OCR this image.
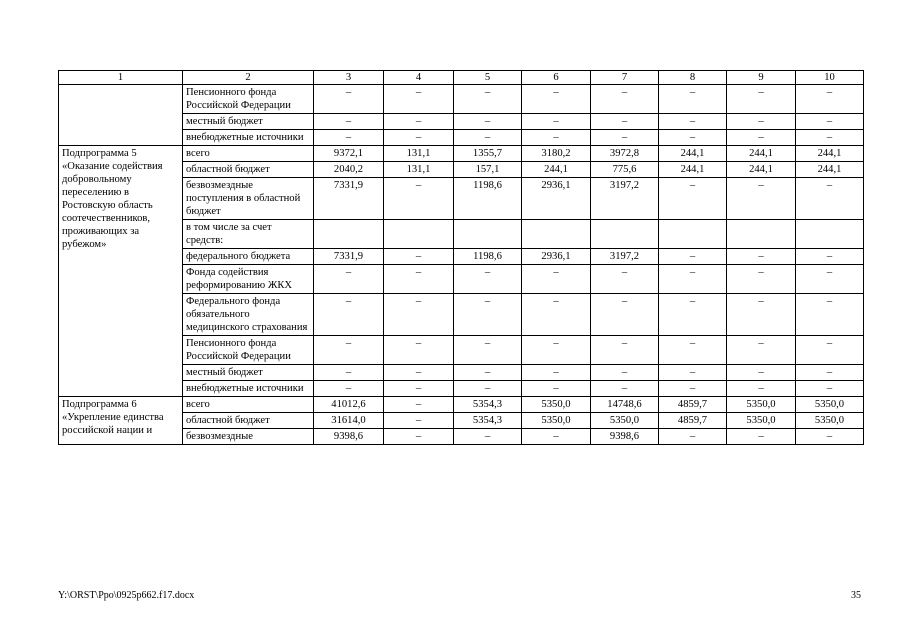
1	2	3	4	5	6	7	8	9	10
	Пенсионного фонда Российской Федерации	–	–	–	–	–	–	–	–
	местный бюджет	–	–	–	–	–	–	–	–
	внебюджетные источники	–	–	–	–	–	–	–	–
Подпрограмма 5 «Оказание содействия добровольному переселению в Ростовскую область соотечественников, проживающих за рубежом»	всего	9372,1	131,1	1355,7	3180,2	3972,8	244,1	244,1	244,1
	областной бюджет	2040,2	131,1	157,1	244,1	775,6	244,1	244,1	244,1
	безвозмездные поступления в областной бюджет	7331,9	–	1198,6	2936,1	3197,2	–	–	–
	в том числе за счет средств:								
	федерального бюджета	7331,9	–	1198,6	2936,1	3197,2	–	–	–
	Фонда содействия реформированию ЖКХ	–	–	–	–	–	–	–	–
	Федерального фонда обязательного медицинского страхования	–	–	–	–	–	–	–	–
	Пенсионного фонда Российской Федерации	–	–	–	–	–	–	–	–
	местный бюджет	–	–	–	–	–	–	–	–
	внебюджетные источники	–	–	–	–	–	–	–	–
Подпрограмма 6 «Укрепление единства российской нации и	всего	41012,6	–	5354,3	5350,0	14748,6	4859,7	5350,0	5350,0
	областной бюджет	31614,0	–	5354,3	5350,0	5350,0	4859,7	5350,0	5350,0
	безвозмездные	9398,6	–	–	–	9398,6	–	–	–
Y:\ORST\Ppo\0925p662.f17.docx	35
